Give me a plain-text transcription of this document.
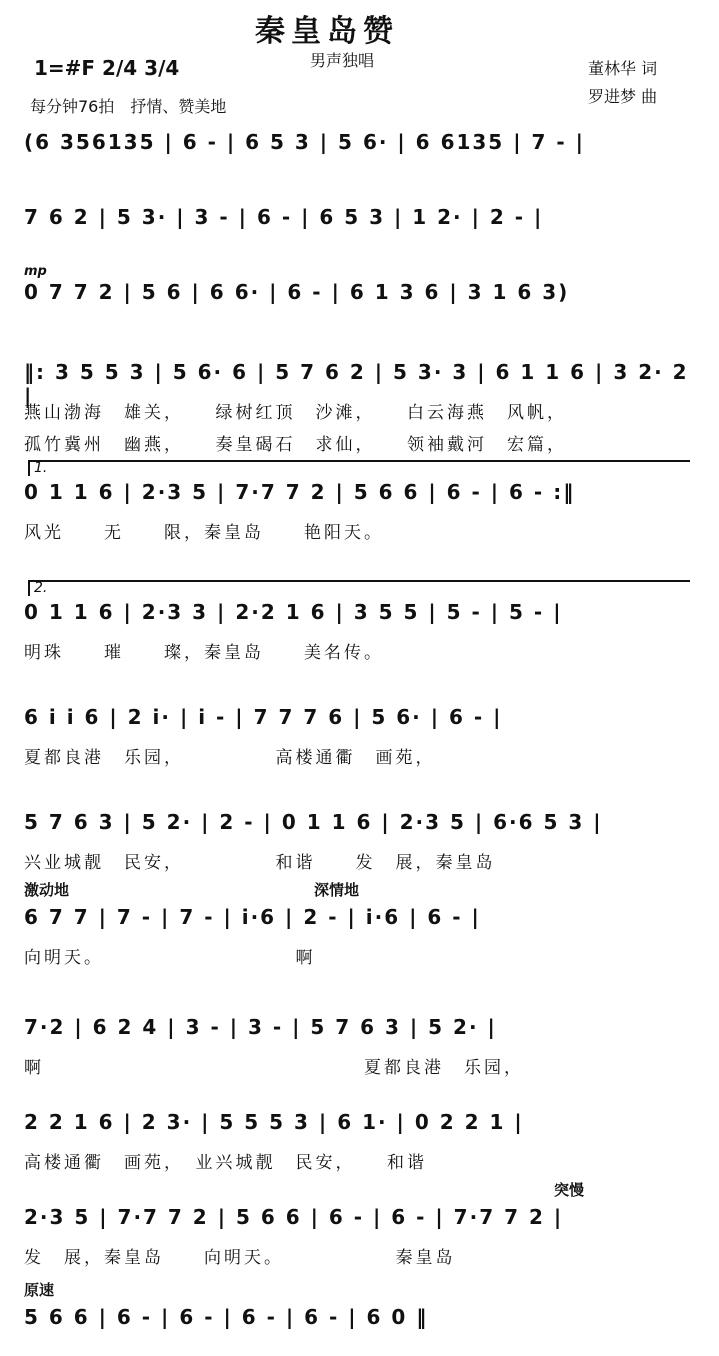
秦皇岛赞
男声独唱
1=#F 2/4 3/4
每分钟76拍　抒情、赞美地
董林华 词
罗进梦 曲
(6 356135 | 6 - | 6 5 3 | 5 6· | 6 6135 | 7 - |
7 6 2 | 5 3· | 3 - | 6 - | 6 5 3 | 1 2· | 2 - |
mp
0 7 7 2 | 5 6 | 6 6· | 6 - | 6 1 3 6 | 3 1 6 3)
‖: 3 5 5 3 | 5 6· 6 | 5 7 6 2 | 5 3· 3 | 6 1 1 6 | 3 2· 2 |
燕山渤海　雄关，　　绿树红顶　沙滩，　　白云海燕　风帆，
孤竹冀州　幽燕，　　奏皇碣石　求仙，　　领袖戴河　宏篇，
1.
0 1 1 6 | 2·3 5 | 7·7 7 2 | 5 6 6 | 6 - | 6 - :‖
风光　　无　　限，秦皇岛　　艳阳天。
2.
0 1 1 6 | 2·3 3 | 2·2 1 6 | 3 5 5 | 5 - | 5 - |
明珠　　璀　　璨，秦皇岛　　美名传。
6 i i 6 | 2 i· | i - | 7 7 7 6 | 5 6· | 6 - |
夏都良港　乐园，　　　　　高楼通衢　画苑，
5 7 6 3 | 5 2· | 2 - | 0 1 1 6 | 2·3 5 | 6·6 5 3 |
兴业城靓　民安，　　　　　和谐　　发　展，秦皇岛
激动地	深情地
6 7 7 | 7 - | 7 - | i·6 | 2 - | i·6 | 6 - |
向明天。　　　　　　　　　　啊
7·2 | 6 2 4 | 3 - | 3 - | 5 7 6 3 | 5 2· |
啊　　　　　　　　　　　　　　　　夏都良港　乐园，
2 2 1 6 | 2 3· | 5 5 5 3 | 6 1· | 0 2 2 1 |
高楼通衢　画苑，　业兴城靓　民安，　　和谐
突慢
2·3 5 | 7·7 7 2 | 5 6 6 | 6 - | 6 - | 7·7 7 2 |
发　展，秦皇岛　　向明天。　　　　　　秦皇岛
原速
5 6 6 | 6 - | 6 - | 6 - | 6 - | 6 0 ‖
